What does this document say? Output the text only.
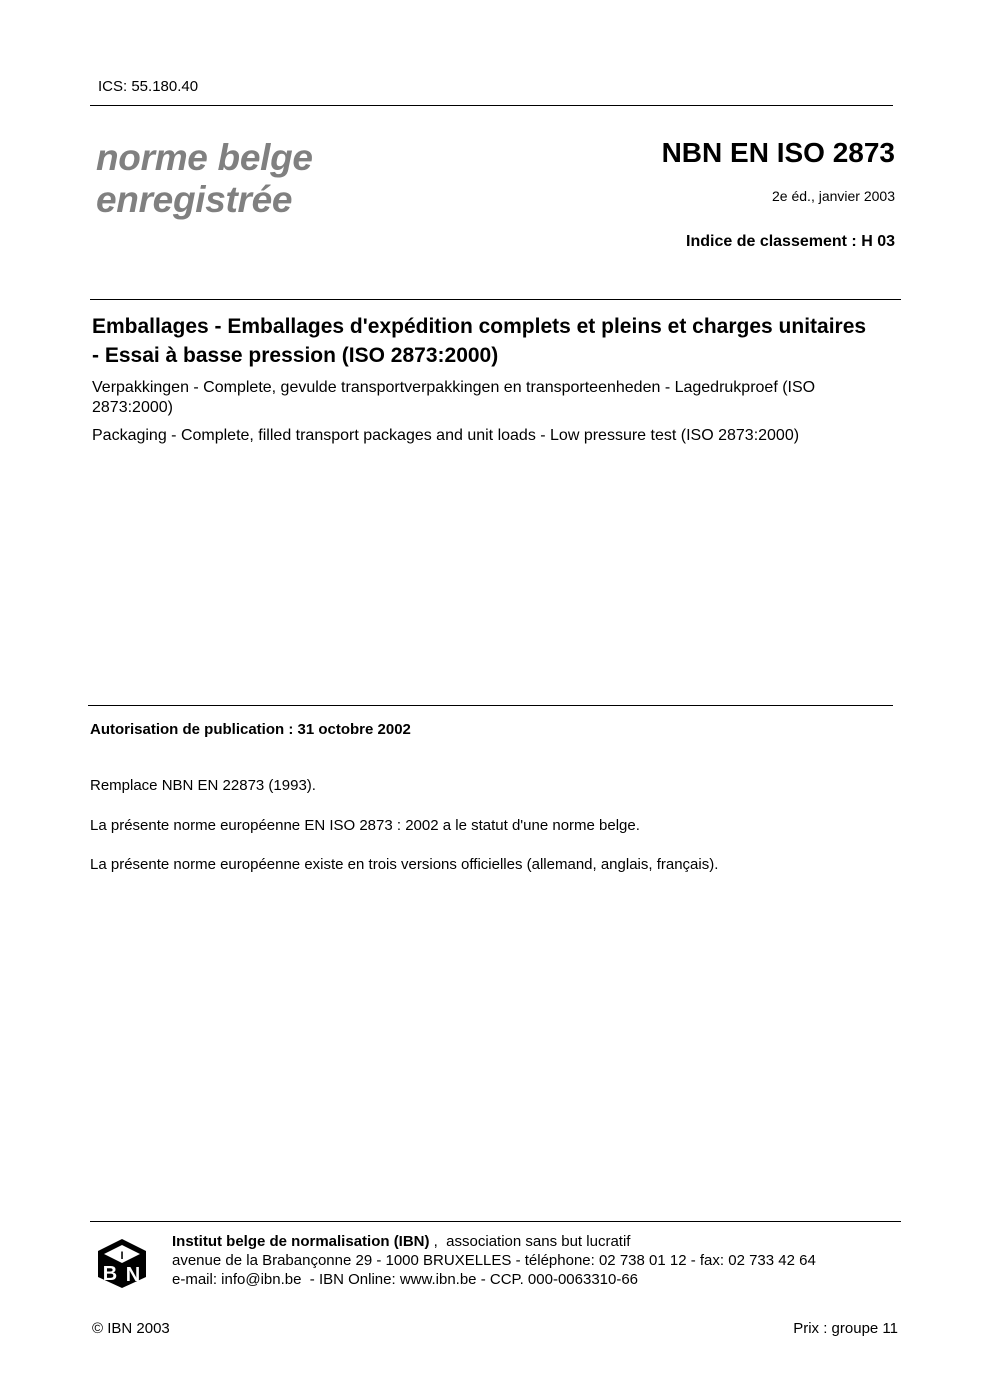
ICS: 55.180.40
norme belge
enregistrée
NBN EN ISO 2873
2e éd., janvier 2003
Indice de classement : H 03
Emballages - Emballages d'expédition complets et pleins et charges unitaires - Essai à basse pression (ISO 2873:2000)
Verpakkingen - Complete, gevulde transportverpakkingen en transporteenheden - Lagedrukproef (ISO 2873:2000)
Packaging - Complete, filled transport packages and unit loads - Low pressure test (ISO 2873:2000)
Autorisation de publication : 31 octobre 2002
Remplace NBN EN 22873 (1993).
La présente norme européenne EN ISO 2873 : 2002 a le statut d'une norme belge.
La présente norme européenne existe en trois versions officielles (allemand, anglais, français).
I
B N
Institut belge de normalisation (IBN) ,  association sans but lucratif
avenue de la Brabançonne 29 - 1000 BRUXELLES - téléphone: 02 738 01 12 - fax: 02 733 42 64
e-mail: info@ibn.be  - IBN Online: www.ibn.be - CCP. 000-0063310-66
© IBN 2003	Prix : groupe 11
